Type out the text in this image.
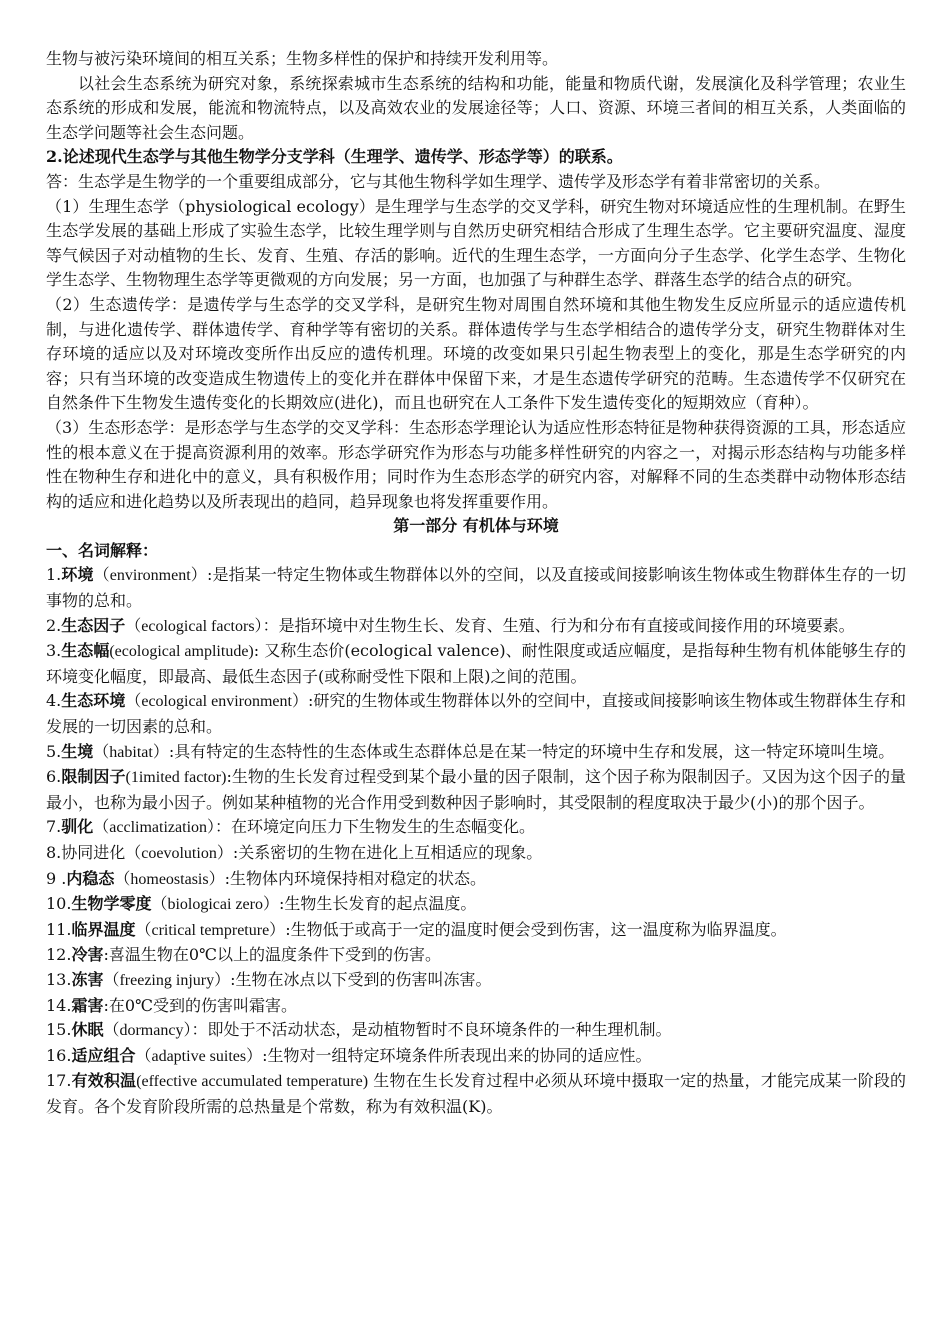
生物与被污染环境间的相互关系；生物多样性的保护和持续开发利用等。

以社会生态系统为研究对象，系统探索城市生态系统的结构和功能，能量和物质代谢，发展演化及科学管理；农业生态系统的形成和发展，能流和物流特点，以及高效农业的发展途径等；人口、资源、环境三者间的相互关系，人类面临的生态学问题等社会生态问题。

2.论述现代生态学与其他生物学分支学科（生理学、遗传学、形态学等）的联系。

答：生态学是生物学的一个重要组成部分，它与其他生物科学如生理学、遗传学及形态学有着非常密切的关系。

（1）生理生态学（physiological ecology）是生理学与生态学的交叉学科，研究生物对环境适应性的生理机制。在野生生态学发展的基础上形成了实验生态学，比较生理学则与自然历史研究相结合形成了生理生态学。它主要研究温度、湿度等气候因子对动植物的生长、发育、生殖、存活的影响。近代的生理生态学，一方面向分子生态学、化学生态学、生物化学生态学、生物物理生态学等更微观的方向发展；另一方面，也加强了与种群生态学、群落生态学的结合点的研究。

（2）生态遗传学：是遗传学与生态学的交叉学科，是研究生物对周围自然环境和其他生物发生反应所显示的适应遗传机制，与进化遗传学、群体遗传学、育种学等有密切的关系。群体遗传学与生态学相结合的遗传学分支，研究生物群体对生存环境的适应以及对环境改变所作出反应的遗传机理。环境的改变如果只引起生物表型上的变化，那是生态学研究的内容；只有当环境的改变造成生物遗传上的变化并在群体中保留下来，才是生态遗传学研究的范畴。生态遗传学不仅研究在自然条件下生物发生遗传变化的长期效应(进化)，而且也研究在人工条件下发生遗传变化的短期效应（育种）。

（3）生态形态学：是形态学与生态学的交叉学科：生态形态学理论认为适应性形态特征是物种获得资源的工具，形态适应性的根本意义在于提高资源利用的效率。形态学研究作为形态与功能多样性研究的内容之一，对揭示形态结构与功能多样性在物种生存和进化中的意义，具有积极作用；同时作为生态形态学的研究内容，对解释不同的生态类群中动物体形态结构的适应和进化趋势以及所表现出的趋同，趋异现象也将发挥重要作用。

第一部分 有机体与环境

一、名词解释：

1.环境（environment）:是指某一特定生物体或生物群体以外的空间，以及直接或间接影响该生物体或生物群体生存的一切事物的总和。

2.生态因子（ecological factors）：是指环境中对生物生长、发育、生殖、行为和分布有直接或间接作用的环境要素。

3.生态幅(ecological amplitude): 又称生态价(ecological valence)、耐性限度或适应幅度，是指每种生物有机体能够生存的环境变化幅度，即最高、最低生态因子(或称耐受性下限和上限)之间的范围。

4.生态环境（ecological environment）:研究的生物体或生物群体以外的空间中，直接或间接影响该生物体或生物群体生存和发展的一切因素的总和。

5.生境（habitat）:具有特定的生态特性的生态体或生态群体总是在某一特定的环境中生存和发展，这一特定环境叫生境。

6.限制因子(1imited factor):生物的生长发育过程受到某个最小量的因子限制，这个因子称为限制因子。又因为这个因子的量最小，也称为最小因子。例如某种植物的光合作用受到数种因子影响时，其受限制的程度取决于最少(小)的那个因子。

7.驯化（acclimatization）：在环境定向压力下生物发生的生态幅变化。

8.协同进化（coevolution）:关系密切的生物在进化上互相适应的现象。

9 .内稳态（homeostasis）:生物体内环境保持相对稳定的状态。

10.生物学零度（biologicai zero）:生物生长发育的起点温度。

11.临界温度（critical tempreture）:生物低于或高于一定的温度时便会受到伤害，这一温度称为临界温度。

12.冷害:喜温生物在0℃以上的温度条件下受到的伤害。

13.冻害（freezing injury）:生物在冰点以下受到的伤害叫冻害。

14.霜害:在0℃受到的伤害叫霜害。

15.休眠（dormancy）：即处于不活动状态，是动植物暂时不良环境条件的一种生理机制。

16.适应组合（adaptive suites）:生物对一组特定环境条件所表现出来的协同的适应性。

17.有效积温(effective accumulated temperature) 生物在生长发育过程中必须从环境中摄取一定的热量，才能完成某一阶段的发育。各个发育阶段所需的总热量是个常数，称为有效积温(K)。
